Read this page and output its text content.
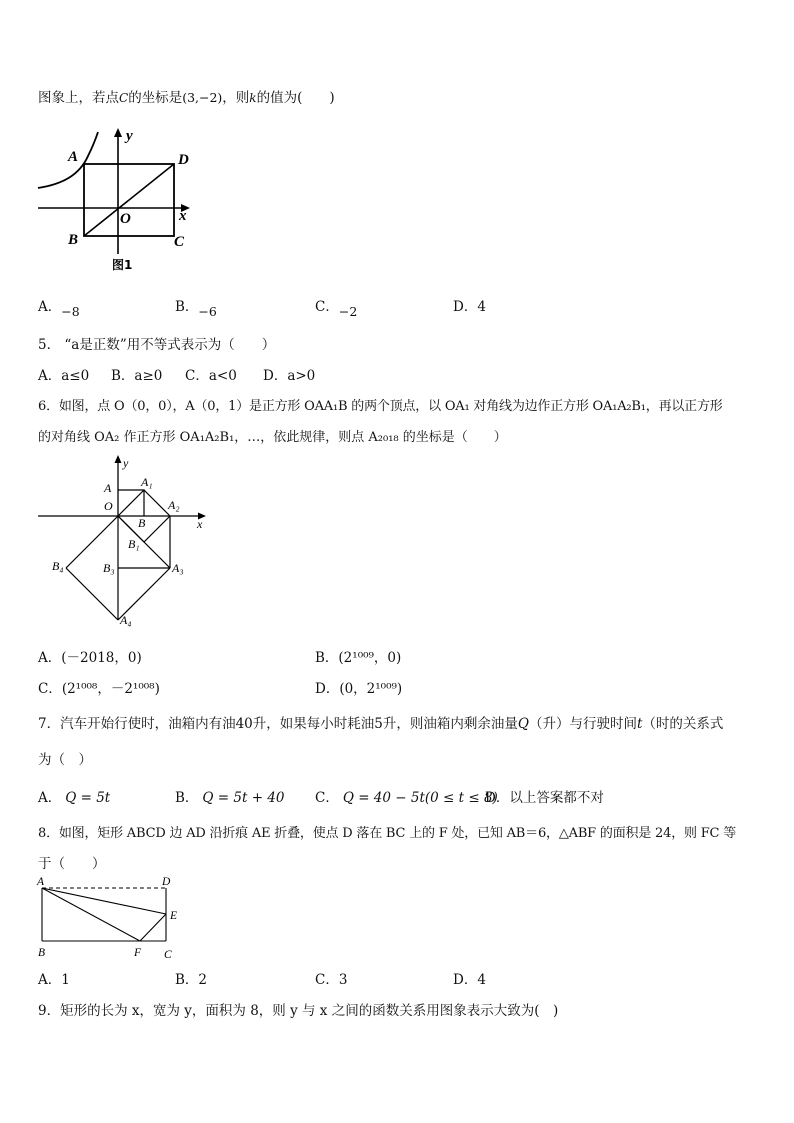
图象上，若点C的坐标是(3,−2)，则k的值为(　　)
A	D
y
O	x
B	C
图1
A．−8	B．−6	C．−2	D．4
5． “a是正数”用不等式表示为（　　）
A．a≤0 B．a≥0 C．a<0 D．a>0
6．如图，点 O（0，0），A（0，1）是正方形 OAA₁B 的两个顶点，以 OA₁ 对角线为边作正方形 OA₁A₂B₁，再以正方形
的对角线 OA₂ 作正方形 OA₁A₂B₁，…，依此规律，则点 A₂₀₁₈ 的坐标是（　　）
y
A A₁
O
B
A₂
x
B₁
B₄	B₃	A₃
A₄
A．(－2018，0)	B．(2¹⁰⁰⁹，0)
C．(2¹⁰⁰⁸，－2¹⁰⁰⁸)	D．(0，2¹⁰⁰⁹)
7．汽车开始行使时，油箱内有油40升，如果每小时耗油5升，则油箱内剩余油量Q（升）与行驶时间t（时的关系式
为（　）
A． Q = 5t	B． Q = 5t + 40 C． Q = 40 − 5t(0 ≤ t ≤ 8)
D．以上答案都不对
8．如图，矩形 ABCD 边 AD 沿折痕 AE 折叠，使点 D 落在 BC 上的 F 处，已知 AB＝6，△ABF 的面积是 24，则 FC 等
于（　　）
A	D
E
B	F C
A．1	B．2	C．3	D．4
9．矩形的长为 x，宽为 y，面积为 8，则 y 与 x 之间的函数关系用图象表示大致为(　)
